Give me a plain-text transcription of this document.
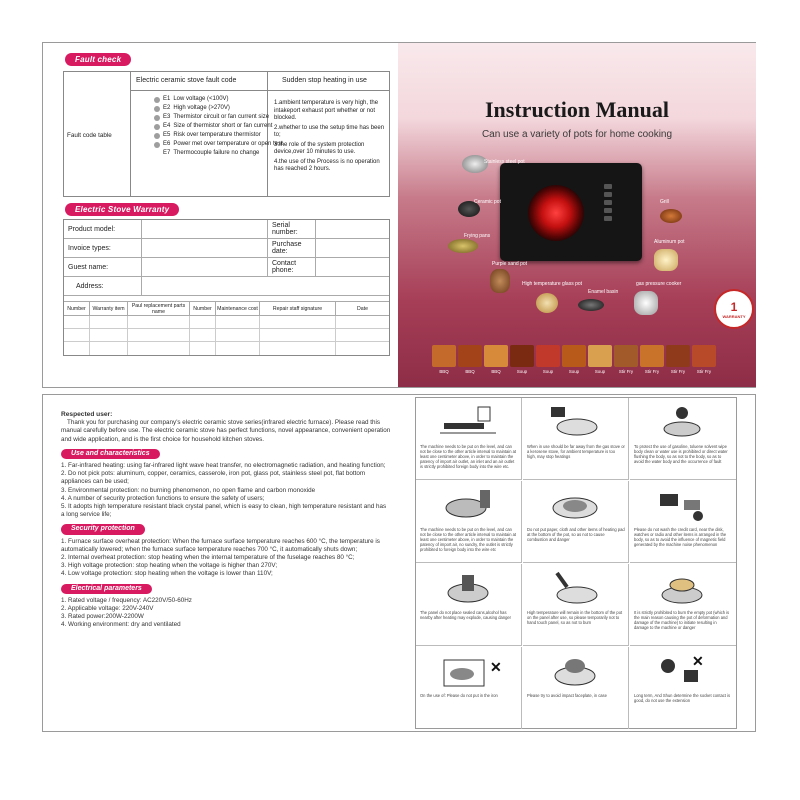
Fault check
Electric ceramic stove fault code	Sudden stop heating in use
Fault code table
E1 Low voltage (<100V)
E2 High voltage (>270V)
E3 Thermistor circuit or fan current size
E4 Size of thermistor short or fan current
E5 Risk over temperature thermistor
E6 Power met over temperature or open test
E7 Thermocouple failure no change

1.ambient temperature is very high, the intakeport exhaust port whether or not blocked.

2.whether to use the setup time has been to;

3.the role of the system protection device,over 10 minutes to use.

4.the use of the Process is no operation has reached 2 hours.

Electric Stove Warranty
Product model:	Serial number:
Invoice types:	Purchase date:
Guest name:	Contact phone:
Address:
Number	Warranty item	Paul replacement parts name	Number	Maintenance cost	Repair staff signature	Date
Instruction Manual
Can use a variety of pots for home cooking
Stainless steel pot
Ceramic pot
Frying pans
Purple sand pot
High temperature glass pot
Enamel basin
Grill
Aluminum pot
gas pressure cooker
1
WARRANTY
BBQ	BBQ	BBQ	Soup	Soup	Soup	Soup	Stir Fry	Stir Fry	Stir Fry	Stir Fry
Respected user:

Thank you for purchasing our company's electric ceramic stove series(infrared electric furnace). Please read this manual carefully before use. The electric ceramic stove has perfect functions, novel appearance, convenient operation and wide application, and is the first choice for household kitchen stoves.

Use and characteristics

1. Far-infrared heating: using far-infrared light wave heat transfer, no electromagnetic radiation, and heating function;

2. Do not pick pots: aluminum, copper, ceramics, casserole, iron pot, glass pot, stainless steel pot, flat bottom appliances can be used;

3. Environmental protection: no burning phenomenon, no open flame and carbon monoxide

4. A number of security protection functions to ensure the safety of users;

5. It adopts high temperature resistant black crystal panel, which is easy to clean, high temperature resistant and has a long service life;

Security protection

1. Furnace surface overheat protection: When the furnace surface temperature reaches 600 °C, the temperature is automatically lowered; when the furnace surface temperature reaches 700 °C, it automatically shuts down;

2. Internal overheat protection: stop heating when the internal temperature of the fuselage reaches 80 °C;

3. High voltage protection: stop heating when the voltage is higher than 270V;

4. Low voltage protection: stop heating when the voltage is lower than 110V;

Electrical parameters

1. Rated voltage / frequency: AC220V/50-60Hz

2. Applicable voltage: 220V-240V

3. Rated power:200W-2200W

4. Working environment: dry and ventilated

The machine needs to be put on the level, and can not be close to the other article interval to maintain at least one centimeter above, in order to maintain the patency of import air outlet, an inlet and an air outlet is strictly prohibited foreign body into the wire etc.
When in use should be far away from the gas stove or a kerosene stove, for ambient temperature is too high, may stop heatings
To protect the use of gasoline, toluene solvent wipe body clean or water use is prohibited or direct water flushing the body, so as not to the body, so as to avoid the water body and the occurrence of fault
The machine needs to be put on the level, and can not be close to the other article interval to maintain at least one centimeter above, in order to maintain the patency of import air, no sundry, the outlet is strictly prohibited to foreign body into the wire etc
Do not put paper, cloth and other items of heating pad at the bottom of the pot, so as not to cause combustion and danger
Please do not wash the credit card, near the disk, watches or radio and other items is arranged in the body, so as to avoid the influence of magnetic field generated by the machine noise phenomenon
The panel do not place sealed cans,alcohol has nearby after heating may explode, causing danger
High temperature will remain in the bottom of the pot on the panel after use, so please temporarily not to hand touch panel, so as not to burn
It is strictly prohibited to burn the empty pot (which is the main reason causing the pot of deformation and damage of the machine) to initiate resulting in damage to the machine or danger
✕
On the use of: Please do not put in the iron	Please try to avoid impact faceplate, in case
✕
Long term, And Shun determine the socket contact is good, do not use the extension
